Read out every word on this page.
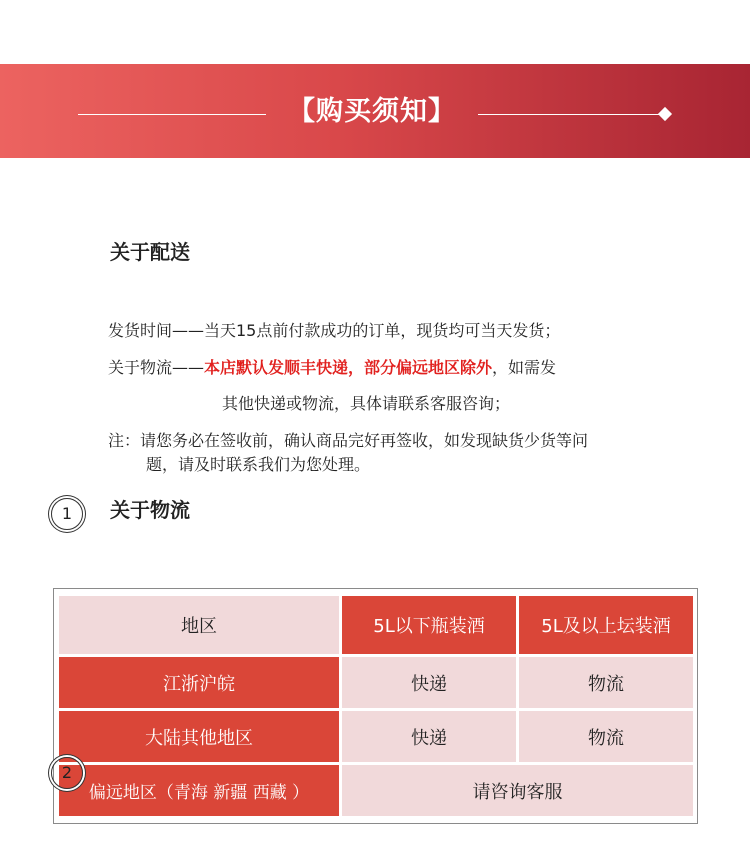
【购买须知】
关于配送
发货时间——当天15点前付款成功的订单，现货均可当天发货；
关于物流——本店默认发顺丰快递，部分偏远地区除外，如需发
其他快递或物流，具体请联系客服咨询；
注：请您务必在签收前，确认商品完好再签收，如发现缺货少货等问
题，请及时联系我们为您处理。
1	关于物流
地区	5L以下瓶装酒	5L及以上坛装酒
江浙沪皖	快递	物流
大陆其他地区	快递	物流
偏远地区（青海 新疆 西藏 ）	请咨询客服
2
